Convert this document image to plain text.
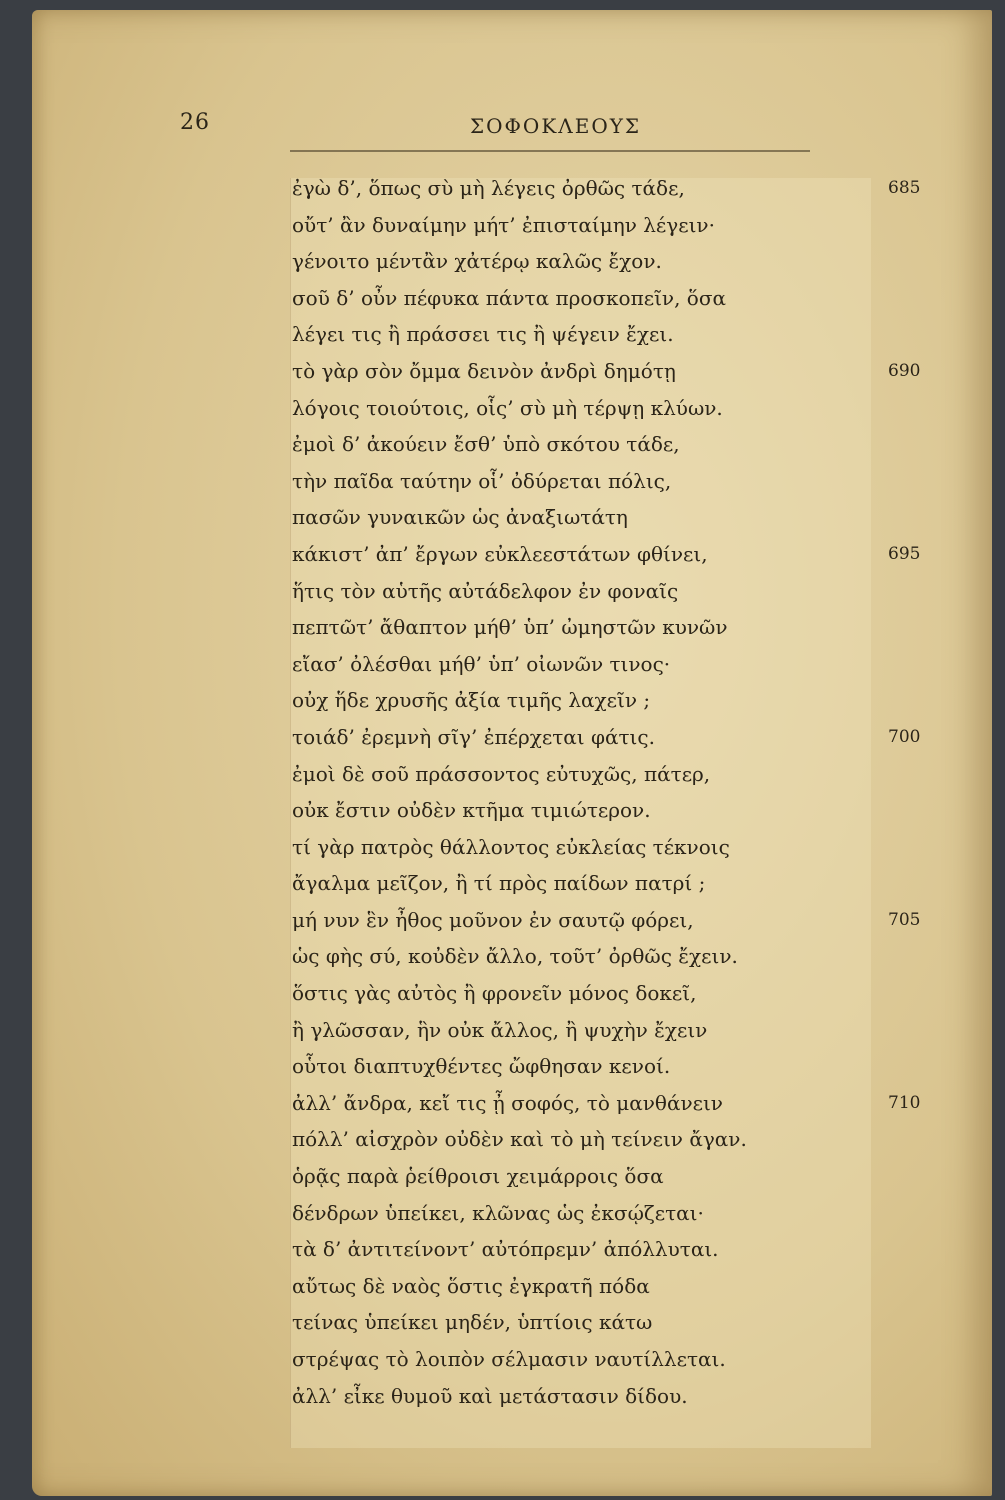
26	ΣΟΦΟΚΛΕΟΥΣ
ἐγὼ δ’, ὅπως σὺ μὴ λέγεις ὀρθῶς τάδε,	685
οὔτ’ ἂν δυναίμην μήτ’ ἐπισταίμην λέγειν·
γένοιτο μέντἂν χἀτέρῳ καλῶς ἔχον.
σοῦ δ’ οὖν πέφυκα πάντα προσκοπεῖν, ὅσα
λέγει τις ἢ πράσσει τις ἢ ψέγειν ἔχει.
τὸ γὰρ σὸν ὄμμα δεινὸν ἀνδρὶ δημότῃ	690
λόγοις τοιούτοις, οἷς’ σὺ μὴ τέρψῃ κλύων.
ἐμοὶ δ’ ἀκούειν ἔσθ’ ὑπὸ σκότου τάδε,
τὴν παῖδα ταύτην οἷ’ ὀδύρεται πόλις,
πασῶν γυναικῶν ὡς ἀναξιωτάτη
κάκιστ’ ἀπ’ ἔργων εὐκλεεστάτων φθίνει,	695
ἥτις τὸν αὑτῆς αὐτάδελφον ἐν φοναῖς
πεπτῶτ’ ἄθαπτον μήθ’ ὑπ’ ὠμηστῶν κυνῶν
εἴασ’ ὀλέσθαι μήθ’ ὑπ’ οἰωνῶν τινος·
οὐχ ἥδε χρυσῆς ἀξία τιμῆς λαχεῖν ;
τοιάδ’ ἐρεμνὴ σῖγ’ ἐπέρχεται φάτις.	700
ἐμοὶ δὲ σοῦ πράσσοντος εὐτυχῶς, πάτερ,
οὐκ ἔστιν οὐδὲν κτῆμα τιμιώτερον.
τί γὰρ πατρὸς θάλλοντος εὐκλείας τέκνοις
ἄγαλμα μεῖζον, ἢ τί πρὸς παίδων πατρί ;
μή νυν ἓν ἦθος μοῦνον ἐν σαυτῷ φόρει,	705
ὡς φὴς σύ, κοὐδὲν ἄλλο, τοῦτ’ ὀρθῶς ἔχειν.
ὅστις γὰς αὐτὸς ἢ φρονεῖν μόνος δοκεῖ,
ἢ γλῶσσαν, ἣν οὐκ ἄλλος, ἢ ψυχὴν ἔχειν
οὗτοι διαπτυχθέντες ὤφθησαν κενοί.
ἀλλ’ ἄνδρα, κεἴ τις ᾖ σοφός, τὸ μανθάνειν	710
πόλλ’ αἰσχρὸν οὐδὲν καὶ τὸ μὴ τείνειν ἄγαν.
ὁρᾷς παρὰ ῥείθροισι χειμάρροις ὅσα
δένδρων ὑπείκει, κλῶνας ὡς ἐκσῴζεται·
τὰ δ’ ἀντιτείνοντ’ αὐτόπρεμν’ ἀπόλλυται.
αὔτως δὲ ναὸς ὅστις ἐγκρατῆ πόδα
τείνας ὑπείκει μηδέν, ὑπτίοις κάτω
στρέψας τὸ λοιπὸν σέλμασιν ναυτίλλεται.
ἀλλ’ εἶκε θυμοῦ καὶ μετάστασιν δίδου.
